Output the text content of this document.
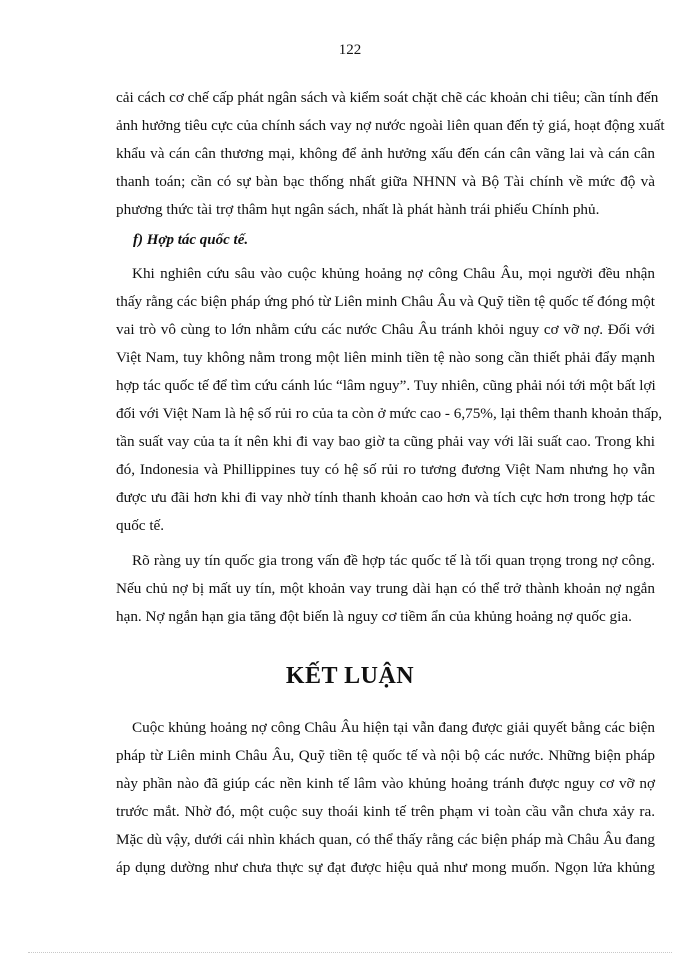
122
cải cách cơ chế cấp phát ngân sách và kiểm soát chặt chẽ các khoản chi tiêu; cần tính đến
ảnh hưởng tiêu cực của chính sách vay nợ nước ngoài liên quan đến tỷ giá, hoạt động xuất
khẩu và cán cân thương mại, không để ảnh hưởng xấu đến cán cân vãng lai và cán cân
thanh toán; cần có sự bàn bạc thống nhất giữa NHNN và Bộ Tài chính về mức độ và
phương thức tài trợ thâm hụt ngân sách, nhất là phát hành trái phiếu Chính phủ.
f) Hợp tác quốc tế.
Khi nghiên cứu sâu vào cuộc khủng hoảng nợ công Châu Âu, mọi người đều nhận
thấy rằng các biện pháp ứng phó từ Liên minh Châu Âu và Quỹ tiền tệ quốc tế đóng một
vai trò vô cùng to lớn nhằm cứu các nước Châu Âu tránh khỏi nguy cơ vỡ nợ. Đối với
Việt Nam, tuy không nằm trong một liên minh tiền tệ nào song cần thiết phải đẩy mạnh
hợp tác quốc tế để tìm cứu cánh lúc “lâm nguy”. Tuy nhiên, cũng phải nói tới một bất lợi
đối với Việt Nam là hệ số rủi ro của ta còn ở mức cao - 6,75%, lại thêm thanh khoản thấp,
tần suất vay của ta ít nên khi đi vay bao giờ ta cũng phải vay với lãi suất cao. Trong khi
đó, Indonesia và Phillippines tuy có hệ số rủi ro tương đương Việt Nam nhưng họ vẫn
được ưu đãi hơn khi đi vay nhờ tính thanh khoản cao hơn và tích cực hơn trong hợp tác
quốc tế.
Rõ ràng uy tín quốc gia trong vấn đề hợp tác quốc tế là tối quan trọng trong nợ công.
Nếu chủ nợ bị mất uy tín, một khoản vay trung dài hạn có thể trở thành khoản nợ ngắn
hạn. Nợ ngắn hạn gia tăng đột biến là nguy cơ tiềm ẩn của khủng hoảng nợ quốc gia.
KẾT LUẬN
Cuộc khủng hoảng nợ công Châu Âu hiện tại vẫn đang được giải quyết bằng các biện
pháp từ Liên minh Châu Âu, Quỹ tiền tệ quốc tế và nội bộ các nước. Những biện pháp
này phần nào đã giúp các nền kinh tế lâm vào khủng hoảng tránh được nguy cơ vỡ nợ
trước mắt. Nhờ đó, một cuộc suy thoái kinh tế trên phạm vi toàn cầu vẫn chưa xảy ra.
Mặc dù vậy, dưới cái nhìn khách quan, có thể thấy rằng các biện pháp mà Châu Âu đang
áp dụng dường như chưa thực sự đạt được hiệu quả như mong muốn. Ngọn lửa khủng
